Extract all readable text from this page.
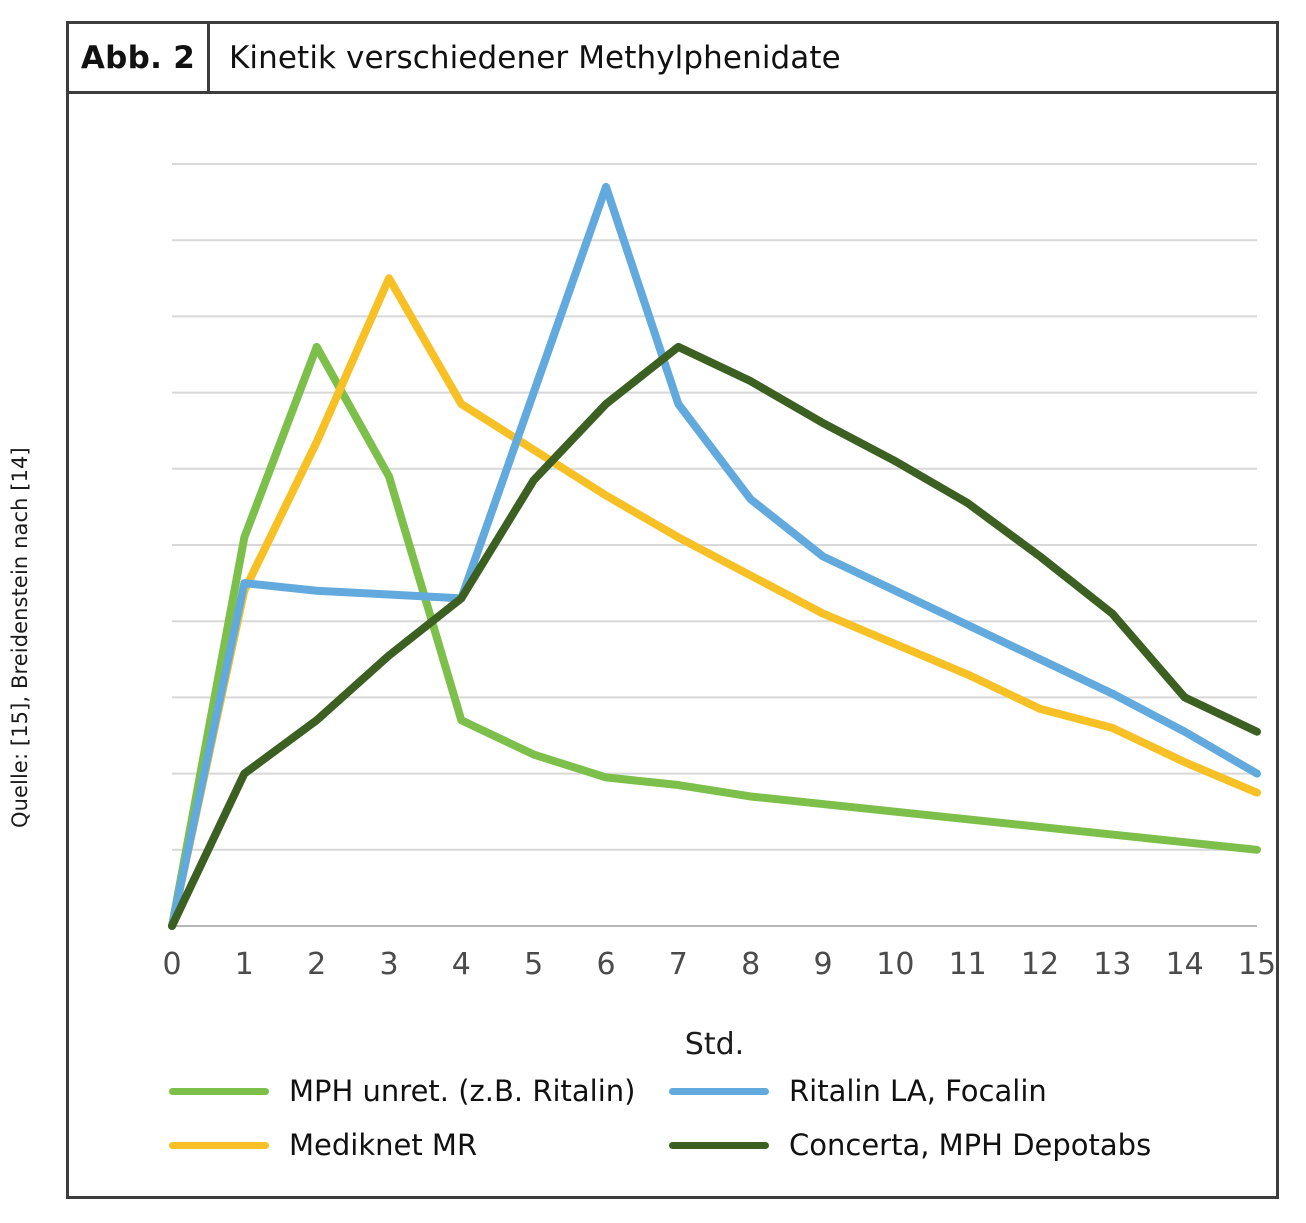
Quelle: [15], Breidenstein nach [14]
Abb. 2	Kinetik verschiedener Methylphenidate
0 1 2 3 4 5 6 7 8 9 10 11 12 13 14 15
Std.
MPH unret. (z.B. Ritalin)	Ritalin LA, Focalin
Mediknet MR	Concerta, MPH Depotabs
